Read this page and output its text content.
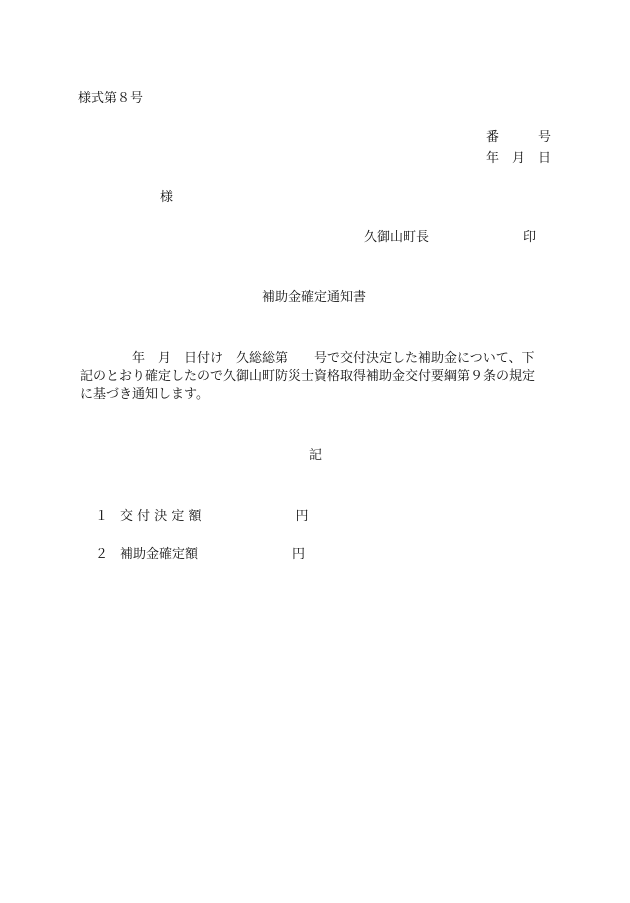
様式第８号
番　　　号
年　月　日
様
久御山町長	印
補助金確定通知書
年　月　日付け　久総総第　　号で交付決定した補助金について、下
記のとおり確定したので久御山町防災士資格取得補助金交付要綱第９条の規定
に基づき通知します。
記
１ 交 付 決 定 額	円
２ 補助金確定額	円
